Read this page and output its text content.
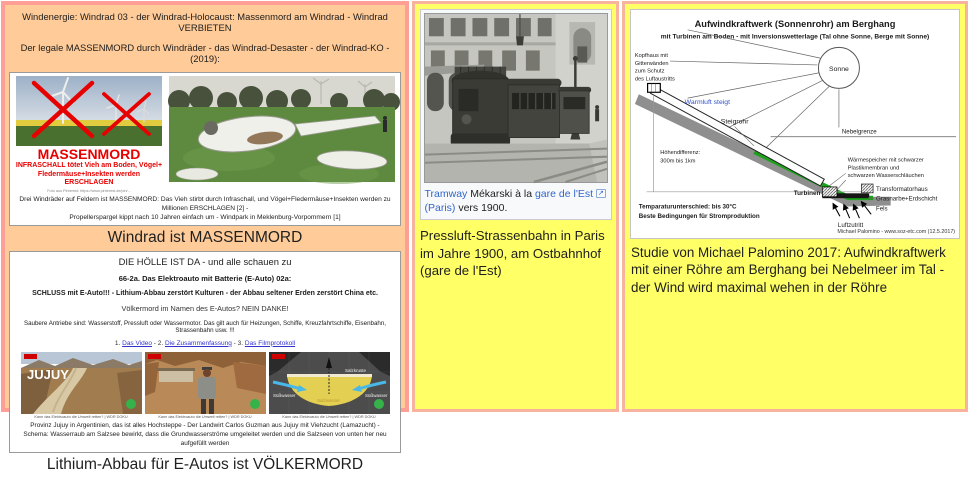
Windenergie: Windrad 03 - der Windrad-Holocaust: Massenmord am Windrad - Windrad VERBIETEN
Der legale MASSENMORD durch Windräder - das Windrad-Desaster - der Windrad-KO - (2019):
MASSENMORD
INFRASCHALL tötet Vieh am Boden, Vögel+
Fledermäuse+Insekten werden ERSCHLAGEN
Foto aus Pinterest: https://www.pinterest.de/pin/...
Drei Windräder auf Feldern ist MASSENMORD: Das Vieh stirbt durch Infraschall, und Vögel+Fledermäuse+Insekten werden zu Millionen ERSCHLAGEN [2] -
Propellerspargel kippt nach 10 Jahren einfach um - Windpark in Meklenburg-Vorpommern [1]
Windrad ist MASSENMORD
DIE HÖLLE IST DA - und alle schauen zu
66-2a. Das Elektroauto mit Batterie (E-Auto) 02a:
SCHLUSS mit E-Auto!!! - Lithium-Abbau zerstört Kulturen - der Abbau seltener Erden zerstört China etc.
Völkermord im Namen des E-Autos? NEIN DANKE!
Saubere Antriebe sind: Wasserstoff, Pressluft oder Wassermotor. Das gilt auch für Heizungen, Schiffe, Kreuzfahrtschiffe, Eisenbahn, Strassenbahn usw. !!!
1. Das Video - 2. Die Zusammenfassung - 3. Das Filmprotokoll
JUJUY
Kann das Elektroauto die Umwelt retten? | WDR DOKU	Kann das Elektroauto die Umwelt retten? | WDR DOKU
Salzkruste
Süßwasser	Süßwasser
Salzwasser
Kann das Elektroauto die Umwelt retten? | WDR DOKU
Provinz Jujuy in Argentinien, das ist alles Hochsteppe - Der Landwirt Carlos Guzman aus Jujuy mit Viehzucht (Lamazucht) -
Schema: Wasserraub am Salzsee bewirkt, dass die Grundwasserströme umgeleitet werden und die Salzseen von unten her neu aufgefüllt werden
Lithium-Abbau für E-Autos ist VÖLKERMORD
Tramway Mékarski à la gare de l'Est ↗
(Paris) vers 1900.
Pressluft-Strassenbahn in Paris im Jahre 1900, am Ostbahnhof (gare de l'Est)
Aufwindkraftwerk (Sonnenrohr) am Berghang
mit Turbinen am Boden - mit Inversionswetterlage (Tal ohne Sonne, Berge mit Sonne)
Sonne
Nebelgrenze
Kopfhaus mit
Gitterwänden
zum Schutz
des Luftaustritts
Warmluft steigt
Steigrohr
Höhendifferenz:
300m bis 1km	Wärmespeicher mit schwarzer
Plastikmembran und
schwarzen Wasserschläuchen
Turbinen
Transformatorhaus
Grasnarbe+Erdschicht
Fels
Temparaturunterschied: bis 30°C
Beste Bedingungen für Stromproduktion
Luftzutritt
Michael Palomino - www.soz-etc.com (12.5.2017)
Studie von Michael Palomino 2017: Aufwindkraftwerk mit einer Röhre am Berghang bei Nebelmeer im Tal - der Wind wird maximal wehen in der Röhre
